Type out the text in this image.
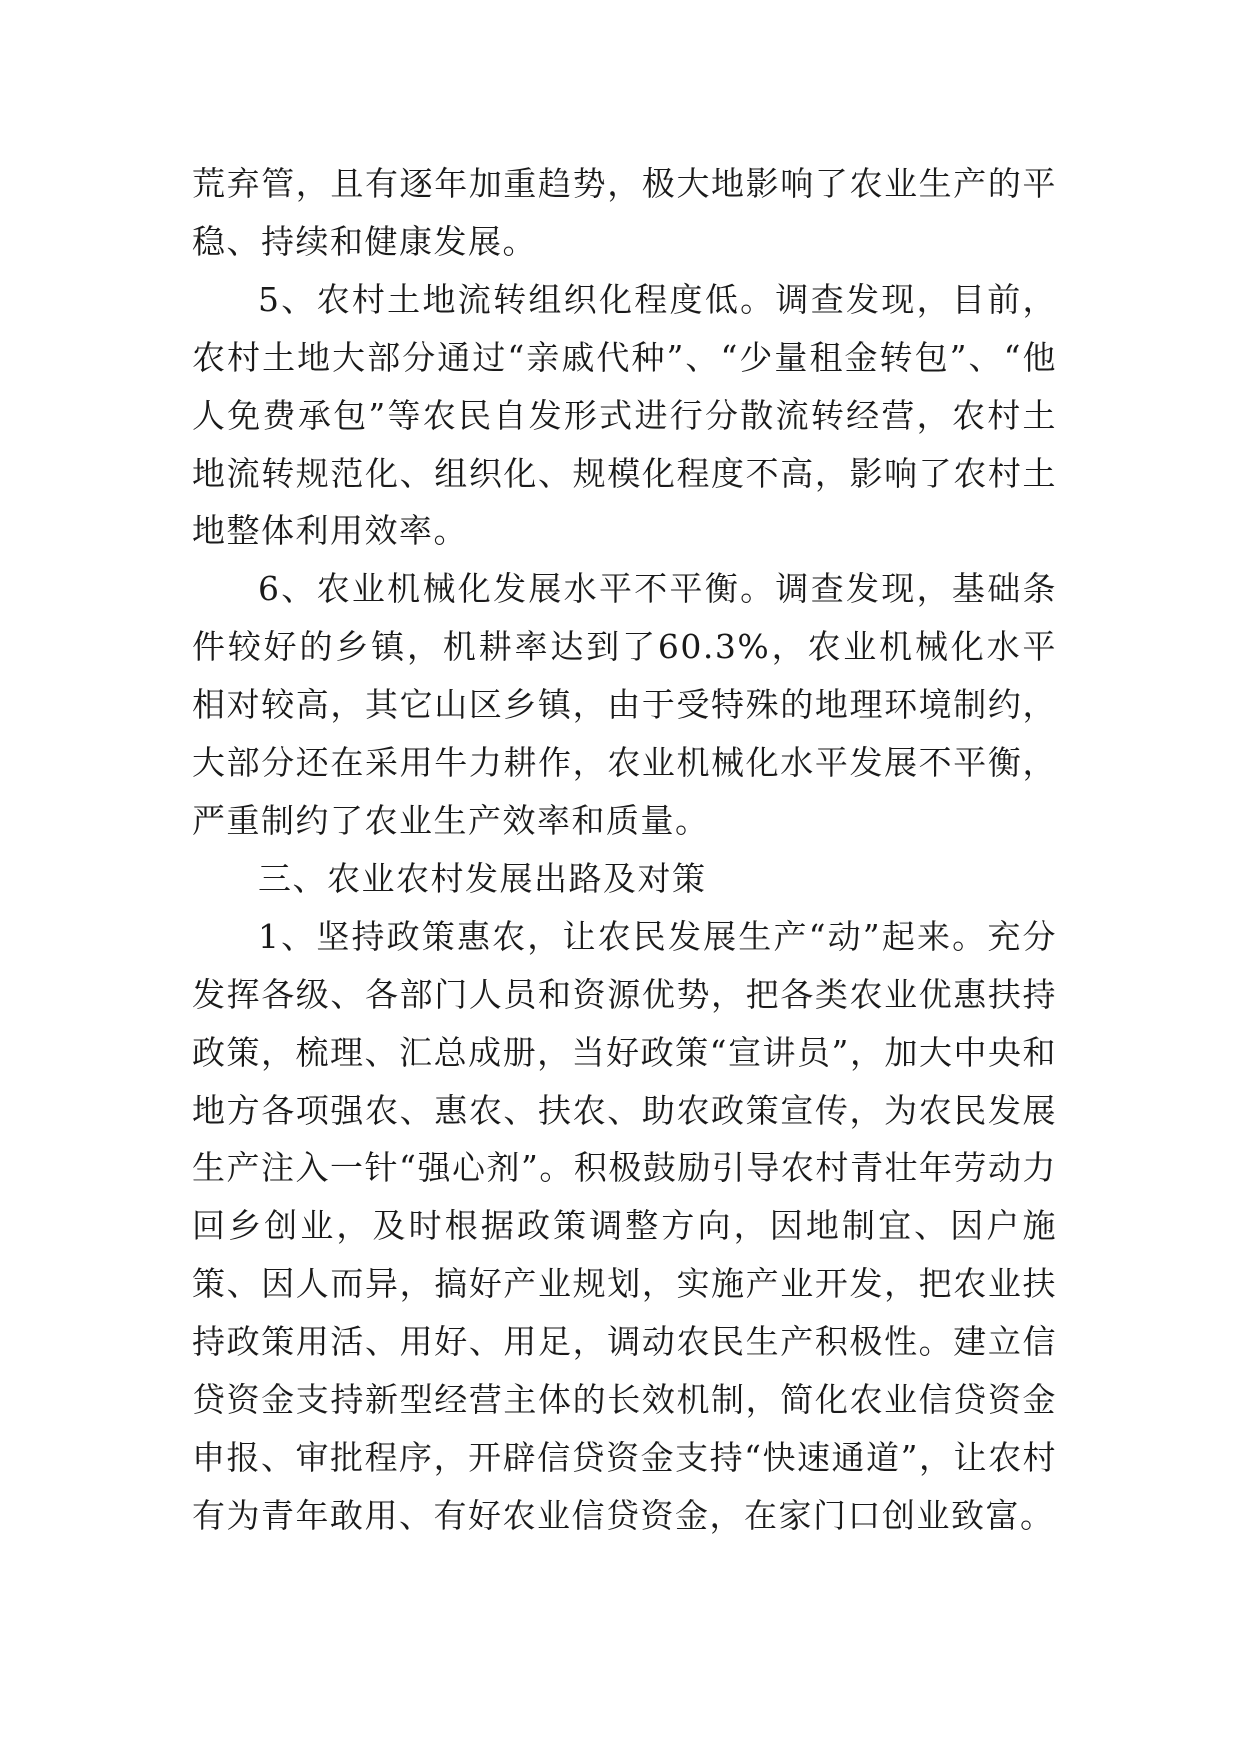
荒弃管，且有逐年加重趋势，极大地影响了农业生产的平稳、持续和健康发展。

5、农村土地流转组织化程度低。调查发现，目前，农村土地大部分通过“亲戚代种”、“少量租金转包”、“他人免费承包”等农民自发形式进行分散流转经营，农村土地流转规范化、组织化、规模化程度不高，影响了农村土地整体利用效率。

6、农业机械化发展水平不平衡。调查发现，基础条件较好的乡镇，机耕率达到了60.3%，农业机械化水平相对较高，其它山区乡镇，由于受特殊的地理环境制约，大部分还在采用牛力耕作，农业机械化水平发展不平衡，严重制约了农业生产效率和质量。

三、农业农村发展出路及对策

1、坚持政策惠农，让农民发展生产“动”起来。充分发挥各级、各部门人员和资源优势，把各类农业优惠扶持政策，梳理、汇总成册，当好政策“宣讲员”，加大中央和地方各项强农、惠农、扶农、助农政策宣传，为农民发展生产注入一针“强心剂”。积极鼓励引导农村青壮年劳动力回乡创业，及时根据政策调整方向，因地制宜、因户施策、因人而异，搞好产业规划，实施产业开发，把农业扶持政策用活、用好、用足，调动农民生产积极性。建立信贷资金支持新型经营主体的长效机制，简化农业信贷资金申报、审批程序，开辟信贷资金支持“快速通道”，让农村有为青年敢用、有好农业信贷资金，在家门口创业致富。
